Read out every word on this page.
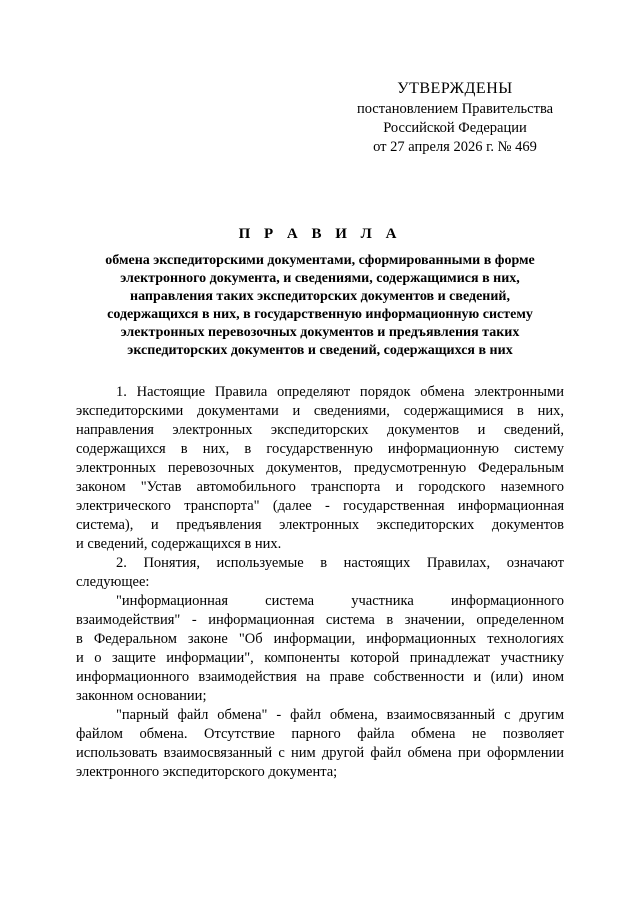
УТВЕРЖДЕНЫ
постановлением Правительства
Российской Федерации
от 27 апреля 2026 г. № 469
П Р А В И Л А
обмена экспедиторскими документами, сформированными в форме
электронного документа, и сведениями, содержащимися в них,
направления таких экспедиторских документов и сведений,
содержащихся в них, в государственную информационную систему
электронных перевозочных документов и предъявления таких
экспедиторских документов и сведений, содержащихся в них
1. Настоящие Правила определяют порядок обмена электронными
экспедиторскими документами и сведениями, содержащимися в них,
направления электронных экспедиторских документов и сведений,
содержащихся в них, в государственную информационную систему
электронных перевозочных документов, предусмотренную Федеральным
законом "Устав автомобильного транспорта и городского наземного
электрического транспорта" (далее - государственная информационная
система), и предъявления электронных экспедиторских документов
и сведений, содержащихся в них.
2. Понятия, используемые в настоящих Правилах, означают
следующее:
"информационная система участника информационного
взаимодействия" - информационная система в значении, определенном
в Федеральном законе "Об информации, информационных технологиях
и о защите информации", компоненты которой принадлежат участнику
информационного взаимодействия на праве собственности и (или) ином
законном основании;
"парный файл обмена" - файл обмена, взаимосвязанный с другим
файлом обмена. Отсутствие парного файла обмена не позволяет
использовать взаимосвязанный с ним другой файл обмена при оформлении
электронного экспедиторского документа;
